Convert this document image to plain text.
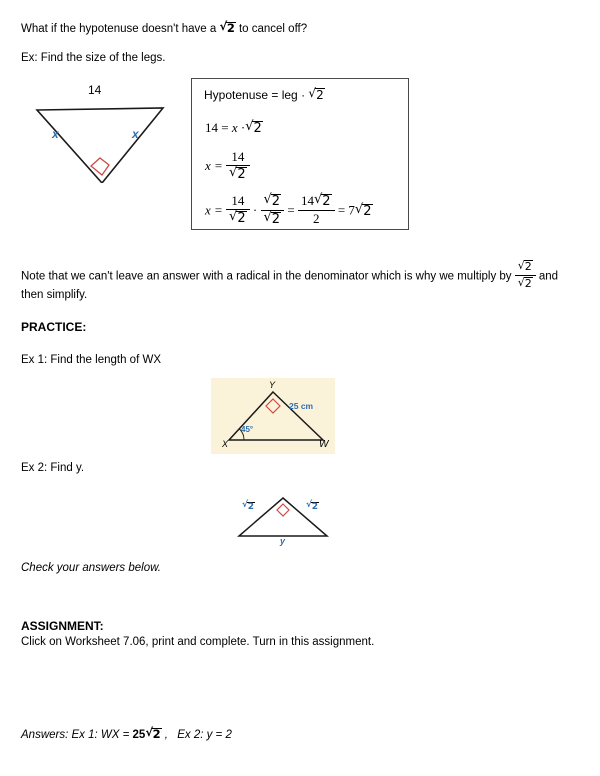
What if the hypotenuse doesn't have a √ 2 to cancel off?
Ex: Find the size of the legs.
14
x	x
Hypotenuse = leg · √ 2
14 = x · √ 2
x = 14
√ 2
x = 14
√ 2 · √ 2
√ $2 = \frac{14 √ 2}{2} = 7$ √ 2
Note that we can't leave an answer with a radical in the denominator which is why we multiply by √ 2
√ 2 and
then simplify.
PRACTICE:
Ex 1: Find the length of WX
Y
X	W
25 cm
45°
Ex 2: Find y.
√ 2	√ 2
y
Check your answers below.
ASSIGNMENT:
Click on Worksheet 7.06, print and complete. Turn in this assignment.
Answers: Ex 1: WX = 25 √ 2 , Ex 2: y = 2
